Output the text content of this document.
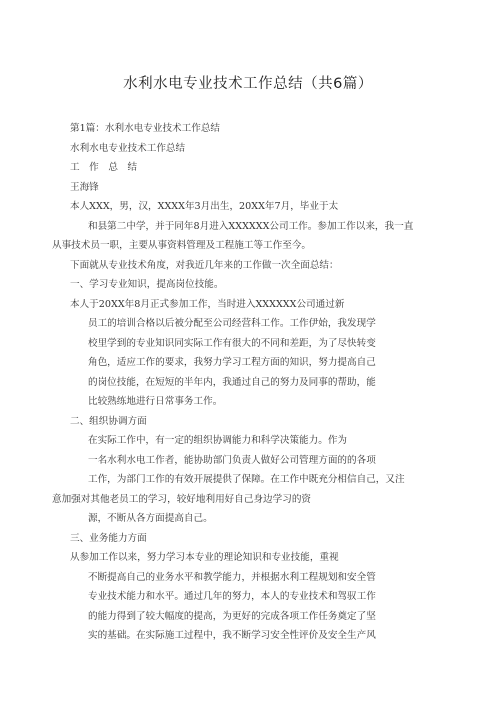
水利水电专业技术工作总结（共6篇）
第1篇：水利水电专业技术工作总结
水利水电专业技术工作总结
工　作　总　结
王海锋
本人XXX，男，汉，XXXX年3月出生，20XX年7月，毕业于太
和县第二中学，并于同年8月进入XXXXXX公司工作。参加工作以来，我一直
从事技术员一职，主要从事资料管理及工程施工等工作至今。
下面就从专业技术角度，对我近几年来的工作做一次全面总结：
一、学习专业知识，提高岗位技能。
本人于20XX年8月正式参加工作，当时进入XXXXXX公司通过新
员工的培训合格以后被分配至公司经营科工作。工作伊始，我发现学
校里学到的专业知识同实际工作有很大的不同和差距，为了尽快转变
角色，适应工作的要求，我努力学习工程方面的知识，努力提高自己
的岗位技能，在短短的半年内，我通过自己的努力及同事的帮助，能
比较熟练地进行日常事务工作。
二、组织协调方面
在实际工作中，有一定的组织协调能力和科学决策能力。作为
一名水利水电工作者，能协助部门负责人做好公司管理方面的的各项
工作，为部门工作的有效开展提供了保障。在工作中既充分相信自己，又注
意加强对其他老员工的学习，较好地利用好自己身边学习的资
源，不断从各方面提高自己。
三、业务能力方面
从参加工作以来，努力学习本专业的理论知识和专业技能，重视
不断提高自己的业务水平和教学能力，并根据水利工程规划和安全管
专业技术能力和水平。通过几年的努力，本人的专业技术和驾驭工作
的能力得到了较大幅度的提高，为更好的完成各项工作任务奠定了坚
实的基础。在实际施工过程中，我不断学习安全性评价及安全生产风
